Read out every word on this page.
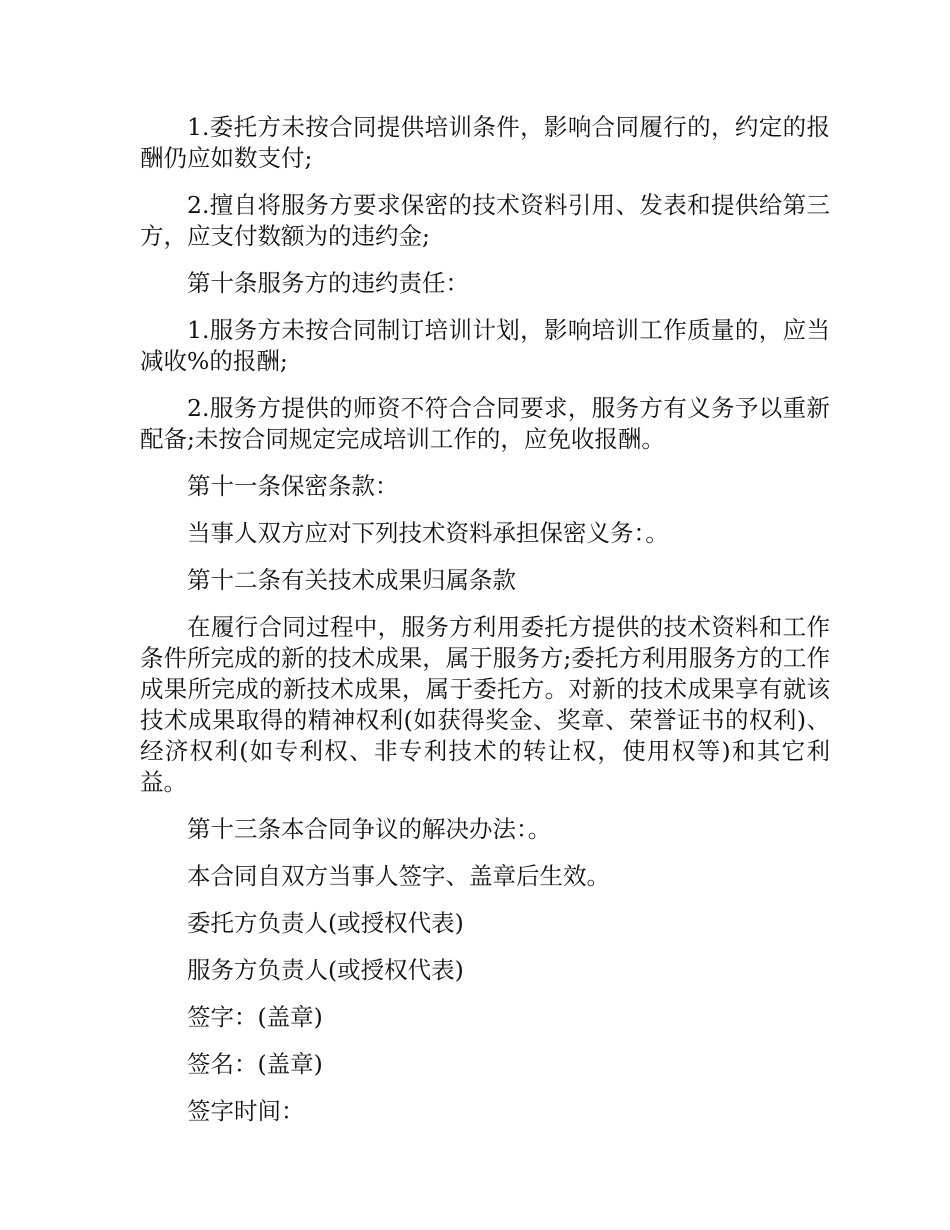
1.委托方未按合同提供培训条件，影响合同履行的，约定的报酬仍应如数支付;

2.擅自将服务方要求保密的技术资料引用、发表和提供给第三方，应支付数额为的违约金;

第十条服务方的违约责任：

1.服务方未按合同制订培训计划，影响培训工作质量的，应当减收%的报酬;

2.服务方提供的师资不符合合同要求，服务方有义务予以重新配备;未按合同规定完成培训工作的，应免收报酬。

第十一条保密条款：

当事人双方应对下列技术资料承担保密义务：。

第十二条有关技术成果归属条款

在履行合同过程中，服务方利用委托方提供的技术资料和工作条件所完成的新的技术成果，属于服务方;委托方利用服务方的工作成果所完成的新技术成果，属于委托方。对新的技术成果享有就该技术成果取得的精神权利(如获得奖金、奖章、荣誉证书的权利)、经济权利(如专利权、非专利技术的转让权，使用权等)和其它利益。

第十三条本合同争议的解决办法：。

本合同自双方当事人签字、盖章后生效。

委托方负责人(或授权代表)

服务方负责人(或授权代表)

签字：(盖章)

签名：(盖章)

签字时间：
